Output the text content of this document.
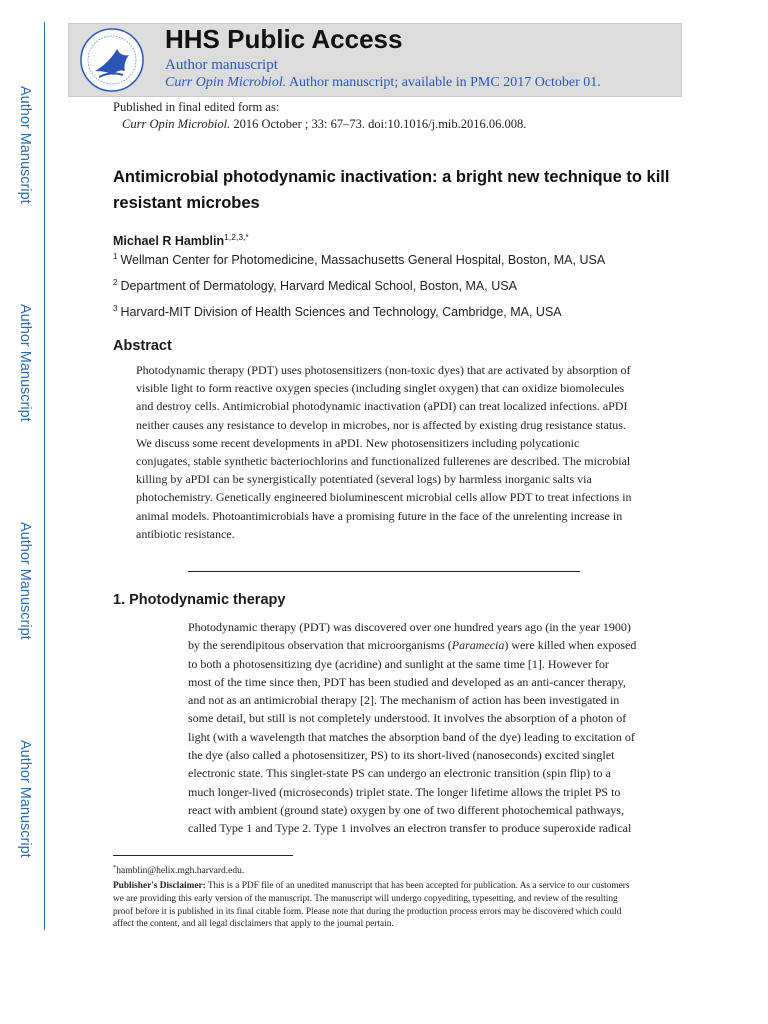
Author Manuscript
Author Manuscript
Author Manuscript
Author Manuscript
HHS Public Access
Author manuscript
Curr Opin Microbiol. Author manuscript; available in PMC 2017 October 01.
Published in final edited form as:
Curr Opin Microbiol. 2016 October ; 33: 67–73. doi:10.1016/j.mib.2016.06.008.
Antimicrobial photodynamic inactivation: a bright new technique to kill resistant microbes
Michael R Hamblin$^{1,2,3,*}$
$^1$ Wellman Center for Photomedicine, Massachusetts General Hospital, Boston, MA, USA
$^2$ Department of Dermatology, Harvard Medical School, Boston, MA, USA
$^3$ Harvard-MIT Division of Health Sciences and Technology, Cambridge, MA, USA
Abstract
Photodynamic therapy (PDT) uses photosensitizers (non-toxic dyes) that are activated by absorption of visible light to form reactive oxygen species (including singlet oxygen) that can oxidize biomolecules and destroy cells. Antimicrobial photodynamic inactivation (aPDI) can treat localized infections. aPDI neither causes any resistance to develop in microbes, nor is affected by existing drug resistance status. We discuss some recent developments in aPDI. New photosensitizers including polycationic conjugates, stable synthetic bacteriochlorins and functionalized fullerenes are described. The microbial killing by aPDI can be synergistically potentiated (several logs) by harmless inorganic salts via photochemistry. Genetically engineered bioluminescent microbial cells allow PDT to treat infections in animal models. Photoantimicrobials have a promising future in the face of the unrelenting increase in antibiotic resistance.
1. Photodynamic therapy
Photodynamic therapy (PDT) was discovered over one hundred years ago (in the year 1900)
by the serendipitous observation that microorganisms (Paramecia) were killed when exposed
to both a photosensitizing dye (acridine) and sunlight at the same time [1]. However for
most of the time since then, PDT has been studied and developed as an anti-cancer therapy,
and not as an antimicrobial therapy [2]. The mechanism of action has been investigated in
some detail, but still is not completely understood. It involves the absorption of a photon of
light (with a wavelength that matches the absorption band of the dye) leading to excitation of
the dye (also called a photosensitizer, PS) to its short-lived (nanoseconds) excited singlet
electronic state. This singlet-state PS can undergo an electronic transition (spin flip) to a
much longer-lived (microseconds) triplet state. The longer lifetime allows the triplet PS to
react with ambient (ground state) oxygen by one of two different photochemical pathways,
called Type 1 and Type 2. Type 1 involves an electron transfer to produce superoxide radical
*hamblin@helix.mgh.harvard.edu.
Publisher's Disclaimer: This is a PDF file of an unedited manuscript that has been accepted for publication. As a service to our customers we are providing this early version of the manuscript. The manuscript will undergo copyediting, typesetting, and review of the resulting proof before it is published in its final citable form. Please note that during the production process errors may be discovered which could affect the content, and all legal disclaimers that apply to the journal pertain.
